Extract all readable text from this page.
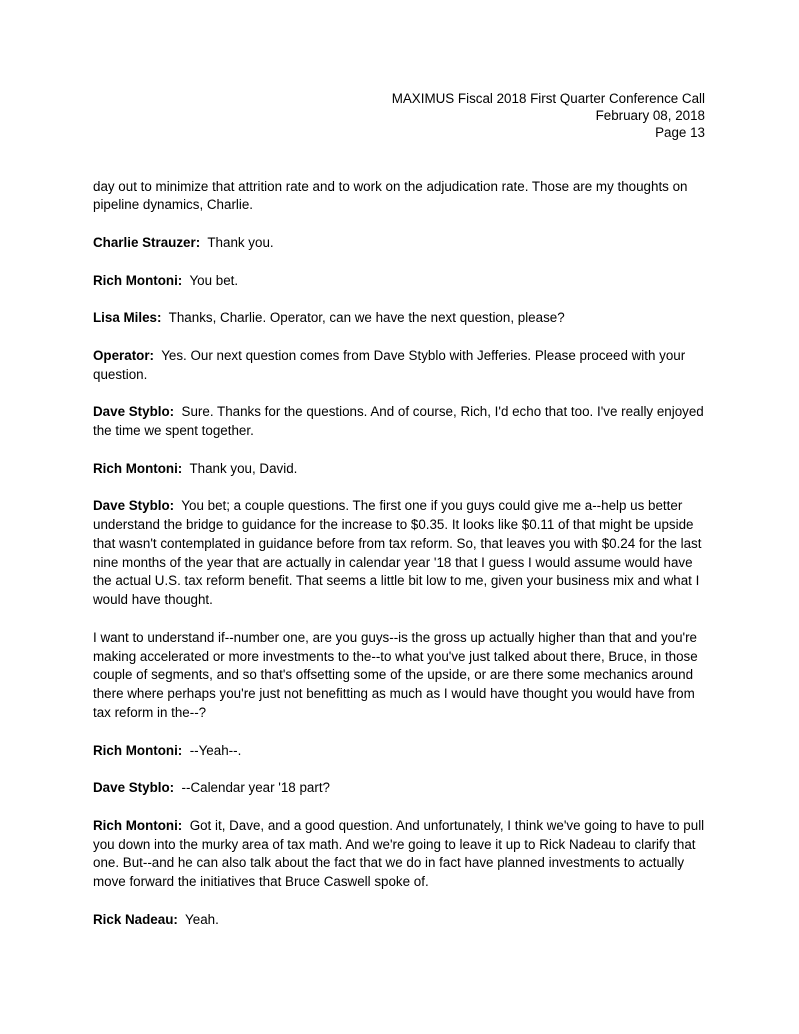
MAXIMUS Fiscal 2018 First Quarter Conference Call
February 08, 2018
Page 13

day out to minimize that attrition rate and to work on the adjudication rate. Those are my thoughts on pipeline dynamics, Charlie.

Charlie Strauzer:  Thank you.

Rich Montoni:  You bet.

Lisa Miles:  Thanks, Charlie. Operator, can we have the next question, please?

Operator:  Yes. Our next question comes from Dave Styblo with Jefferies. Please proceed with your question.

Dave Styblo:  Sure. Thanks for the questions. And of course, Rich, I'd echo that too. I've really enjoyed the time we spent together.

Rich Montoni:  Thank you, David.

Dave Styblo:  You bet; a couple questions. The first one if you guys could give me a--help us better understand the bridge to guidance for the increase to $0.35. It looks like $0.11 of that might be upside that wasn't contemplated in guidance before from tax reform. So, that leaves you with $0.24 for the last nine months of the year that are actually in calendar year '18 that I guess I would assume would have the actual U.S. tax reform benefit. That seems a little bit low to me, given your business mix and what I would have thought.

I want to understand if--number one, are you guys--is the gross up actually higher than that and you're making accelerated or more investments to the--to what you've just talked about there, Bruce, in those couple of segments, and so that's offsetting some of the upside, or are there some mechanics around there where perhaps you're just not benefitting as much as I would have thought you would have from tax reform in the--?

Rich Montoni:  --Yeah--.

Dave Styblo:  --Calendar year '18 part?

Rich Montoni:  Got it, Dave, and a good question. And unfortunately, I think we've going to have to pull you down into the murky area of tax math. And we're going to leave it up to Rick Nadeau to clarify that one. But--and he can also talk about the fact that we do in fact have planned investments to actually move forward the initiatives that Bruce Caswell spoke of.

Rick Nadeau:  Yeah.
